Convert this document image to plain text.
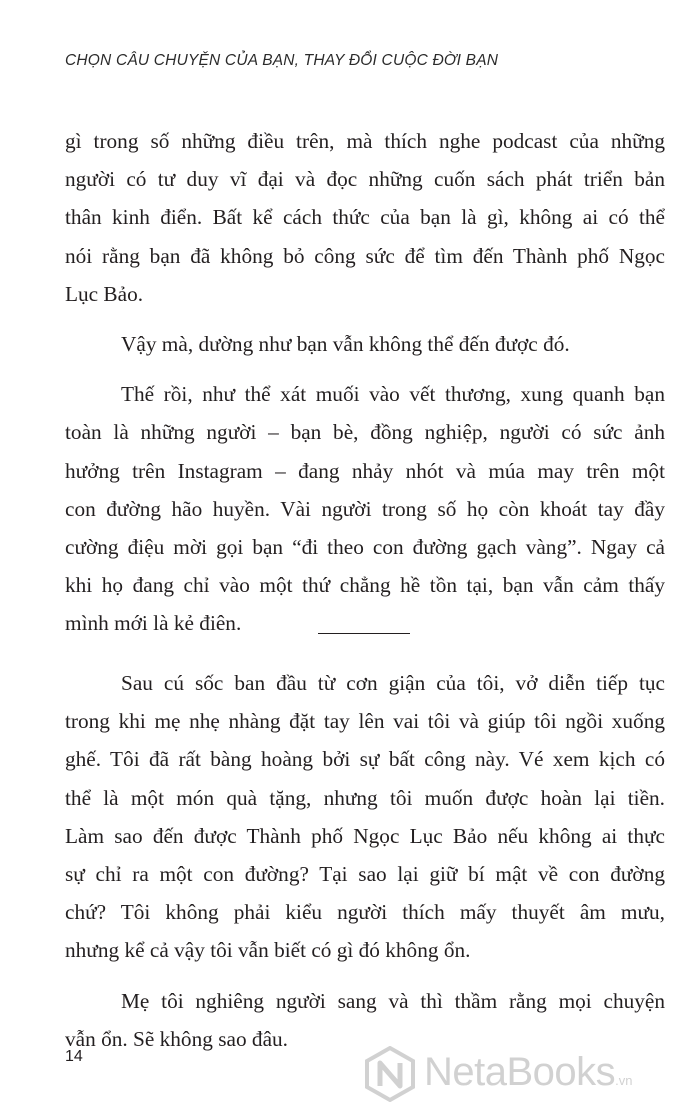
CHỌN CÂU CHUYỆN CỦA BẠN, THAY ĐỔI CUỘC ĐỜI BẠN
gì trong số những điều trên, mà thích nghe podcast của những
người có tư duy vĩ đại và đọc những cuốn sách phát triển bản
thân kinh điển. Bất kể cách thức của bạn là gì, không ai có thể
nói rằng bạn đã không bỏ công sức để tìm đến Thành phố Ngọc
Lục Bảo.
Vậy mà, dường như bạn vẫn không thể đến được đó.
Thế rồi, như thể xát muối vào vết thương, xung quanh bạn
toàn là những người – bạn bè, đồng nghiệp, người có sức ảnh
hưởng trên Instagram – đang nhảy nhót và múa may trên một
con đường hão huyền. Vài người trong số họ còn khoát tay đầy
cường điệu mời gọi bạn “đi theo con đường gạch vàng”. Ngay cả
khi họ đang chỉ vào một thứ chẳng hề tồn tại, bạn vẫn cảm thấy
mình mới là kẻ điên.
Sau cú sốc ban đầu từ cơn giận của tôi, vở diễn tiếp tục
trong khi mẹ nhẹ nhàng đặt tay lên vai tôi và giúp tôi ngồi xuống
ghế. Tôi đã rất bàng hoàng bởi sự bất công này. Vé xem kịch có
thể là một món quà tặng, nhưng tôi muốn được hoàn lại tiền.
Làm sao đến được Thành phố Ngọc Lục Bảo nếu không ai thực
sự chỉ ra một con đường? Tại sao lại giữ bí mật về con đường
chứ? Tôi không phải kiểu người thích mấy thuyết âm mưu,
nhưng kể cả vậy tôi vẫn biết có gì đó không ổn.
Mẹ tôi nghiêng người sang và thì thầm rằng mọi chuyện
vẫn ổn. Sẽ không sao đâu.
14	NetaBooks.vn
